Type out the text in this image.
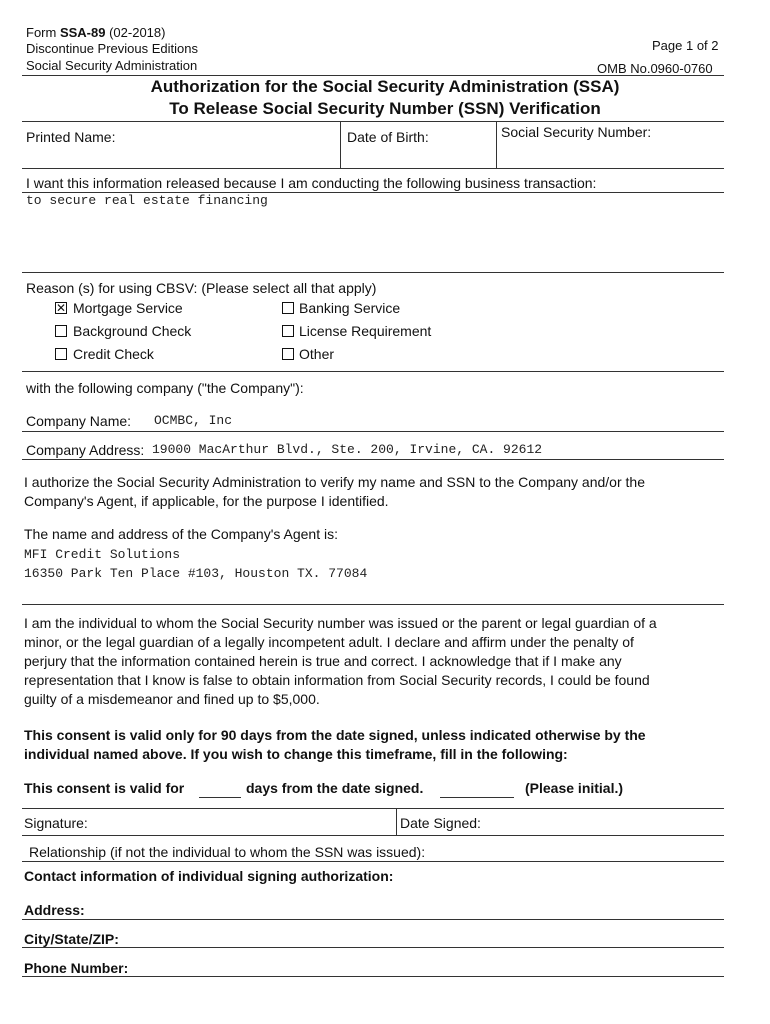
Form SSA-89 (02-2018)
Discontinue Previous Editions
Social Security Administration
Page 1 of 2
OMB No.0960-0760
Authorization for the Social Security Administration (SSA)
To Release Social Security Number (SSN) Verification
Printed Name:	Date of Birth:	Social Security Number:
I want this information released because I am conducting the following business transaction:
to secure real estate financing
Reason (s) for using CBSV: (Please select all that apply)
✕ Mortgage Service	Banking Service
Background Check	License Requirement
Credit Check	Other
with the following company ("the Company"):
Company Name: OCMBC, Inc
Company Address: 19000 MacArthur Blvd., Ste. 200, Irvine, CA. 92612
I authorize the Social Security Administration to verify my name and SSN to the Company and/or the
Company's Agent, if applicable, for the purpose I identified.
The name and address of the Company's Agent is:
MFI Credit Solutions
16350 Park Ten Place #103, Houston TX. 77084
I am the individual to whom the Social Security number was issued or the parent or legal guardian of a
minor, or the legal guardian of a legally incompetent adult. I declare and affirm under the penalty of
perjury that the information contained herein is true and correct. I acknowledge that if I make any
representation that I know is false to obtain information from Social Security records, I could be found
guilty of a misdemeanor and fined up to $5,000.
This consent is valid only for 90 days from the date signed, unless indicated otherwise by the
individual named above. If you wish to change this timeframe, fill in the following:
This consent is valid for	days from the date signed.	(Please initial.)
Signature:	Date Signed:
Relationship (if not the individual to whom the SSN was issued):
Contact information of individual signing authorization:
Address:
City/State/ZIP:
Phone Number:
